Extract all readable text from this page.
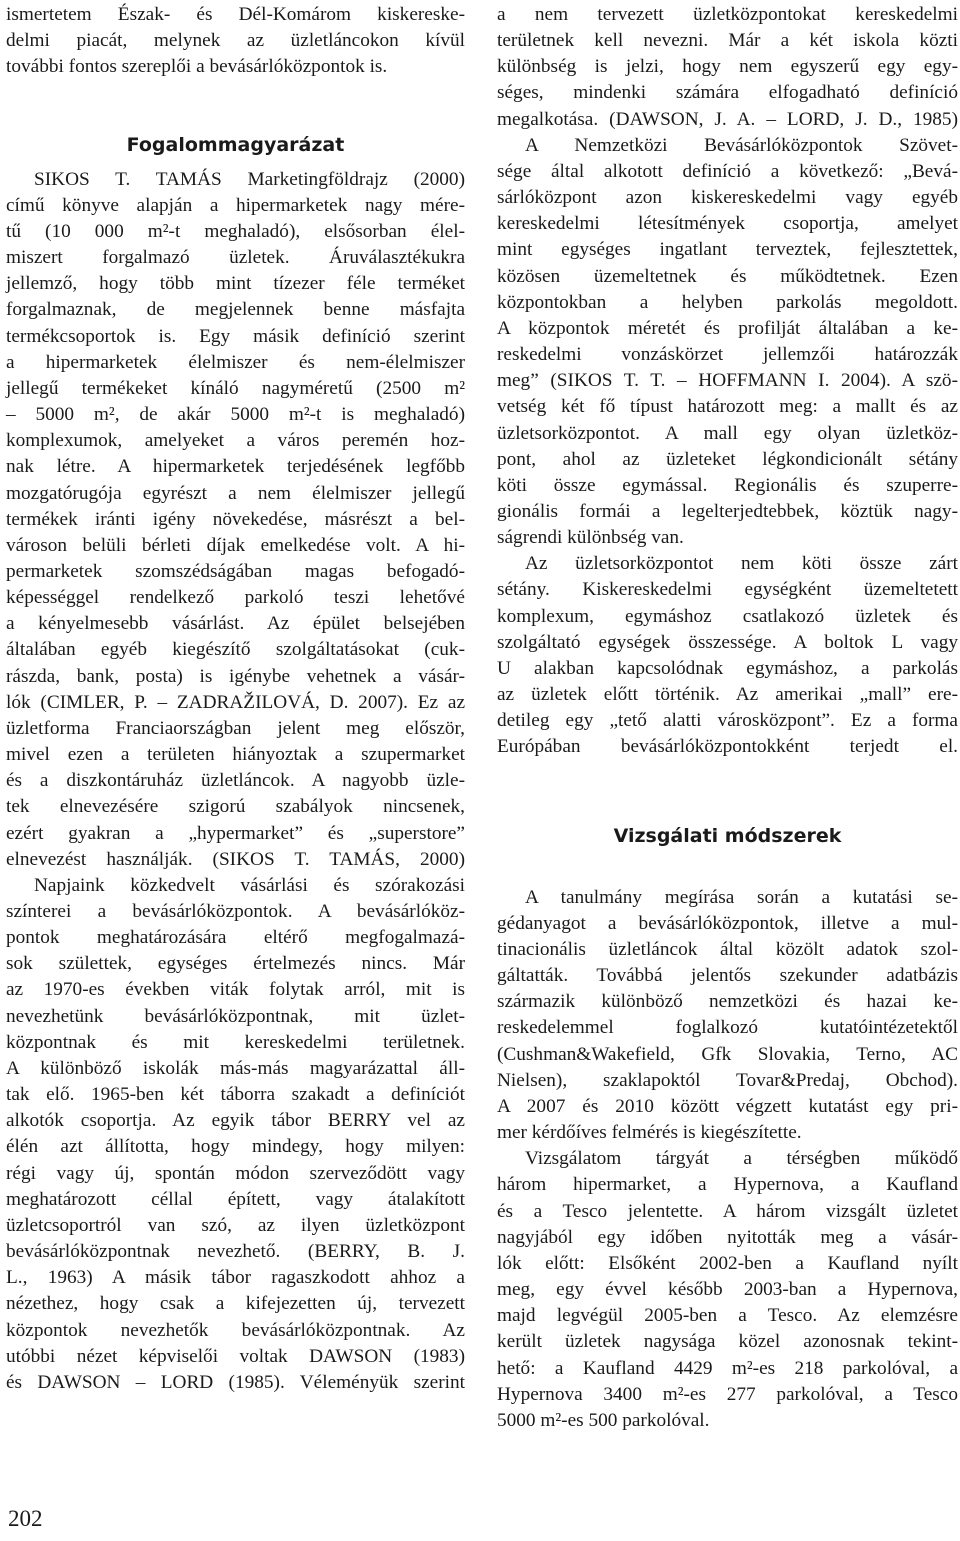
ismertetem Észak- és Dél-Komárom kiskereske-
delmi piacát, melynek az üzletláncokon kívül
további fontos szereplői a bevásárlóközpontok is.
Fogalommagyarázat
SIKOS T. TAMÁS Marketingföldrajz (2000)
című könyve alapján a hipermarketek nagy mére-
tű (10 000 m²-t meghaladó), elsősorban élel-
miszert forgalmazó üzletek. Áruválasztékukra
jellemző, hogy több mint tízezer féle terméket
forgalmaznak, de megjelennek benne másfajta
termékcsoportok is. Egy másik definíció szerint
a hipermarketek élelmiszer és nem-élelmiszer
jellegű termékeket kínáló nagyméretű (2500 m²
– 5000 m², de akár 5000 m²-t is meghaladó)
komplexumok, amelyeket a város peremén hoz-
nak létre. A hipermarketek terjedésének legfőbb
mozgatórugója egyrészt a nem élelmiszer jellegű
termékek iránti igény növekedése, másrészt a bel-
városon belüli bérleti díjak emelkedése volt. A hi-
permarketek szomszédságában magas befogadó-
képességgel rendelkező parkoló teszi lehetővé
a kényelmesebb vásárlást. Az épület belsejében
általában egyéb kiegészítő szolgáltatásokat (cuk-
rászda, bank, posta) is igénybe vehetnek a vásár-
lók (CIMLER, P. – ZADRAŽILOVÁ, D. 2007). Ez az
üzletforma Franciaországban jelent meg először,
mivel ezen a területen hiányoztak a szupermarket
és a diszkontáruház üzletláncok. A nagyobb üzle-
tek elnevezésére szigorú szabályok nincsenek,
ezért gyakran a „hypermarket” és „superstore”
elnevezést használják. (SIKOS T. TAMÁS, 2000)
Napjaink közkedvelt vásárlási és szórakozási
színterei a bevásárlóközpontok. A bevásárlóköz-
pontok meghatározására eltérő megfogalmazá-
sok születtek, egységes értelmezés nincs. Már
az 1970-es években viták folytak arról, mit is
nevezhetünk bevásárlóközpontnak, mit üzlet-
központnak és mit kereskedelmi területnek.
A különböző iskolák más-más magyarázattal áll-
tak elő. 1965-ben két táborra szakadt a definíciót
alkotók csoportja. Az egyik tábor BERRY vel az
élén azt állította, hogy mindegy, hogy milyen:
régi vagy új, spontán módon szerveződött vagy
meghatározott céllal épített, vagy átalakított
üzletcsoportról van szó, az ilyen üzletközpont
bevásárlóközpontnak nevezhető. (BERRY, B. J.
L., 1963) A másik tábor ragaszkodott ahhoz a
nézethez, hogy csak a kifejezetten új, tervezett
központok nevezhetők bevásárlóközpontnak. Az
utóbbi nézet képviselői voltak DAWSON (1983)
és DAWSON – LORD (1985). Véleményük szerint
a nem tervezett üzletközpontokat kereskedelmi
területnek kell nevezni. Már a két iskola közti
különbség is jelzi, hogy nem egyszerű egy egy-
séges, mindenki számára elfogadható definíció
megalkotása. (DAWSON, J. A. – LORD, J. D., 1985)
A Nemzetközi Bevásárlóközpontok Szövet-
sége által alkotott definíció a következő: „Bevá-
sárlóközpont azon kiskereskedelmi vagy egyéb
kereskedelmi létesítmények csoportja, amelyet
mint egységes ingatlant terveztek, fejlesztettek,
közösen üzemeltetnek és működtetnek. Ezen
központokban a helyben parkolás megoldott.
A központok méretét és profilját általában a ke-
reskedelmi vonzáskörzet jellemzői határozzák
meg” (SIKOS T. T. – HOFFMANN I. 2004). A szö-
vetség két fő típust határozott meg: a mallt és az
üzletsorközpontot. A mall egy olyan üzletköz-
pont, ahol az üzleteket légkondicionált sétány
köti össze egymással. Regionális és szuperre-
gionális formái a legelterjedtebbek, köztük nagy-
ságrendi különbség van.
Az üzletsorközpontot nem köti össze zárt
sétány. Kiskereskedelmi egységként üzemeltetett
komplexum, egymáshoz csatlakozó üzletek és
szolgáltató egységek összessége. A boltok L vagy
U alakban kapcsolódnak egymáshoz, a parkolás
az üzletek előtt történik. Az amerikai „mall” ere-
detileg egy „tető alatti városközpont”. Ez a forma
Európában bevásárlóközpontokként terjedt el.
Vizsgálati módszerek
A tanulmány megírása során a kutatási se-
gédanyagot a bevásárlóközpontok, illetve a mul-
tinacionális üzletláncok által közölt adatok szol-
gáltatták. Továbbá jelentős szekunder adatbázis
származik különböző nemzetközi és hazai ke-
reskedelemmel foglalkozó kutatóintézetektől
(Cushman&Wakefield, Gfk Slovakia, Terno, AC
Nielsen), szaklapoktól Tovar&Predaj, Obchod).
A 2007 és 2010 között végzett kutatást egy pri-
mer kérdőíves felmérés is kiegészítette.
Vizsgálatom tárgyát a térségben működő
három hipermarket, a Hypernova, a Kaufland
és a Tesco jelentette. A három vizsgált üzletet
nagyjából egy időben nyitották meg a vásár-
lók előtt: Elsőként 2002-ben a Kaufland nyílt
meg, egy évvel később 2003-ban a Hypernova,
majd legvégül 2005-ben a Tesco. Az elemzésre
került üzletek nagysága közel azonosnak tekint-
hető: a Kaufland 4429 m²-es 218 parkolóval, a
Hypernova 3400 m²-es 277 parkolóval, a Tesco
5000 m²-es 500 parkolóval.
202
